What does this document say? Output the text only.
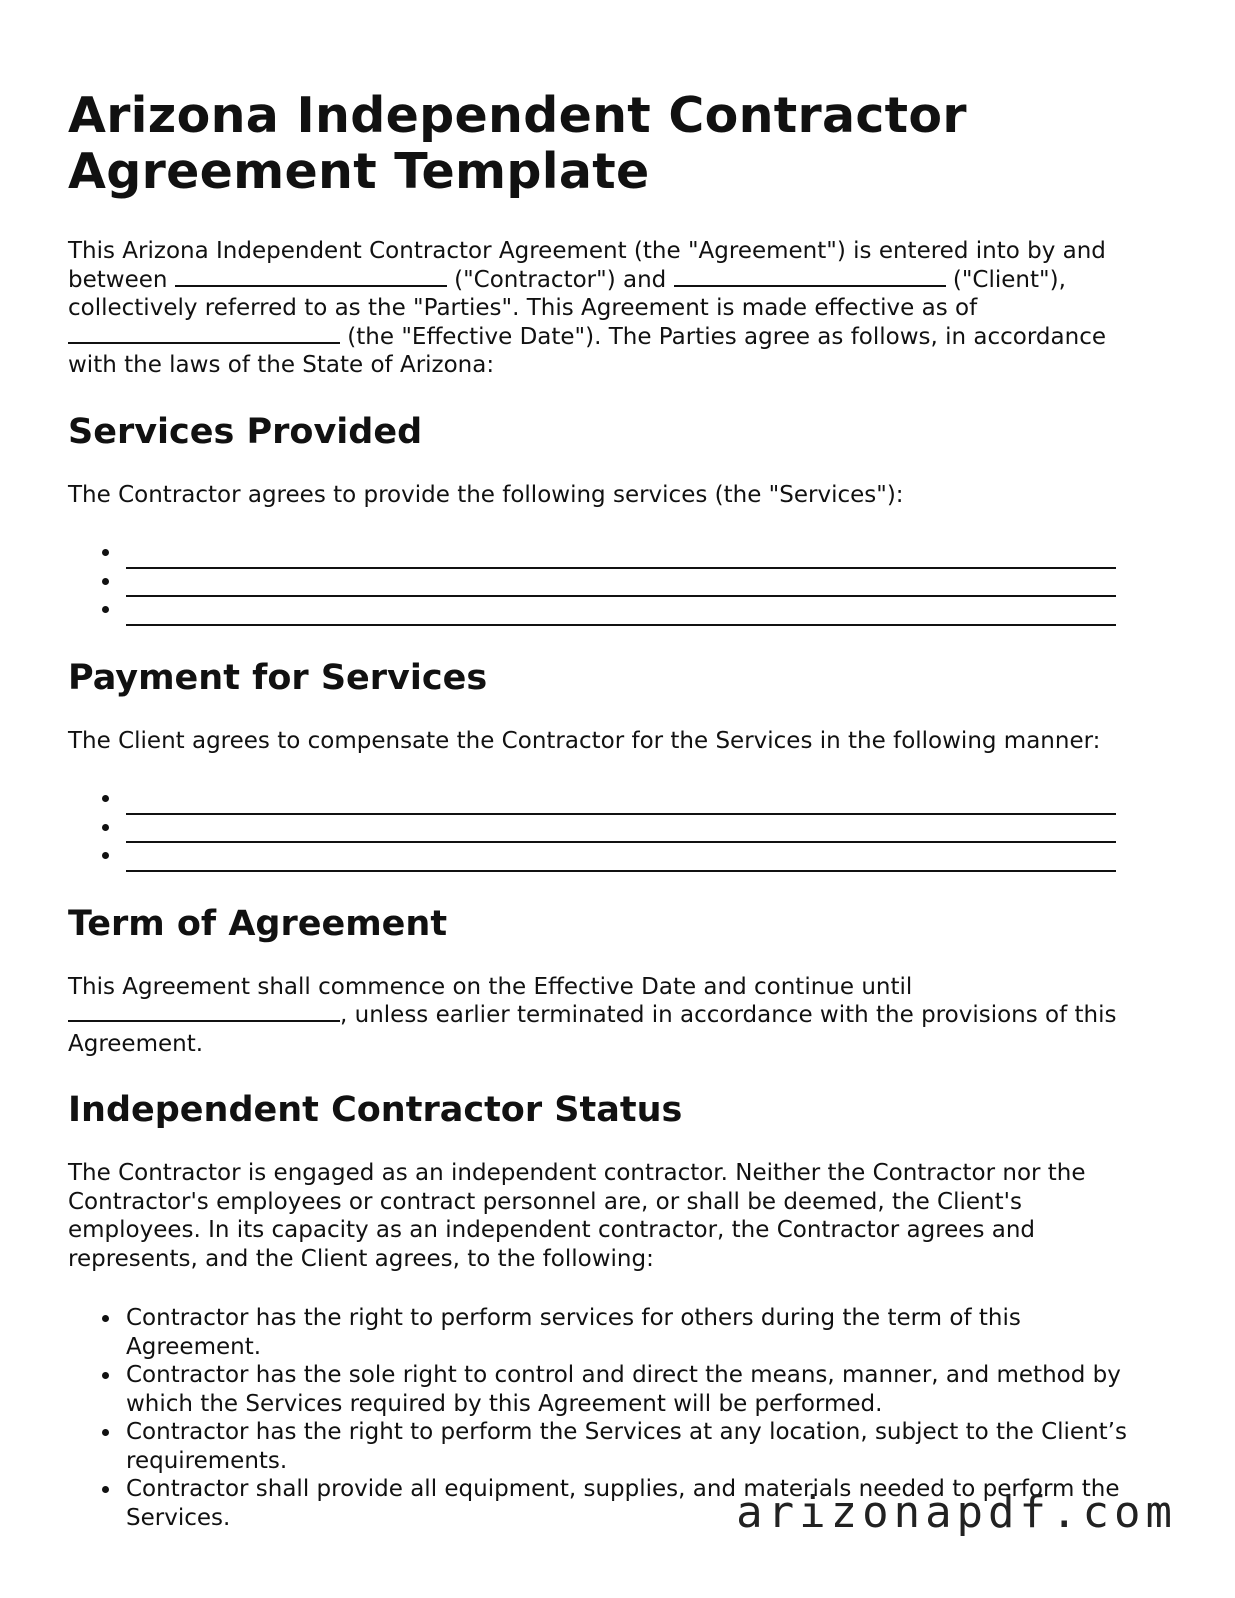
Arizona Independent Contractor Agreement Template

This Arizona Independent Contractor Agreement (the "Agreement") is entered into by and between	("Contractor") and	("Client"), collectively referred to as the "Parties". This Agreement is made effective as of  (the "Effective Date"). The Parties agree as follows, in accordance with the laws of the State of Arizona:

Services Provided

The Contractor agrees to provide the following services (the "Services"):

Payment for Services

The Client agrees to compensate the Contractor for the Services in the following manner:

Term of Agreement

This Agreement shall commence on the Effective Date and continue until , unless earlier terminated in accordance with the provisions of this Agreement.

Independent Contractor Status

The Contractor is engaged as an independent contractor. Neither the Contractor nor the Contractor's employees or contract personnel are, or shall be deemed, the Client's employees. In its capacity as an independent contractor, the Contractor agrees and represents, and the Client agrees, to the following:

Contractor has the right to perform services for others during the term of this Agreement.
Contractor has the sole right to control and direct the means, manner, and method by which the Services required by this Agreement will be performed.
Contractor has the right to perform the Services at any location, subject to the Client’s requirements.
Contractor shall provide all equipment, supplies, and materials needed to perform the Services.	arizonapdf.com
